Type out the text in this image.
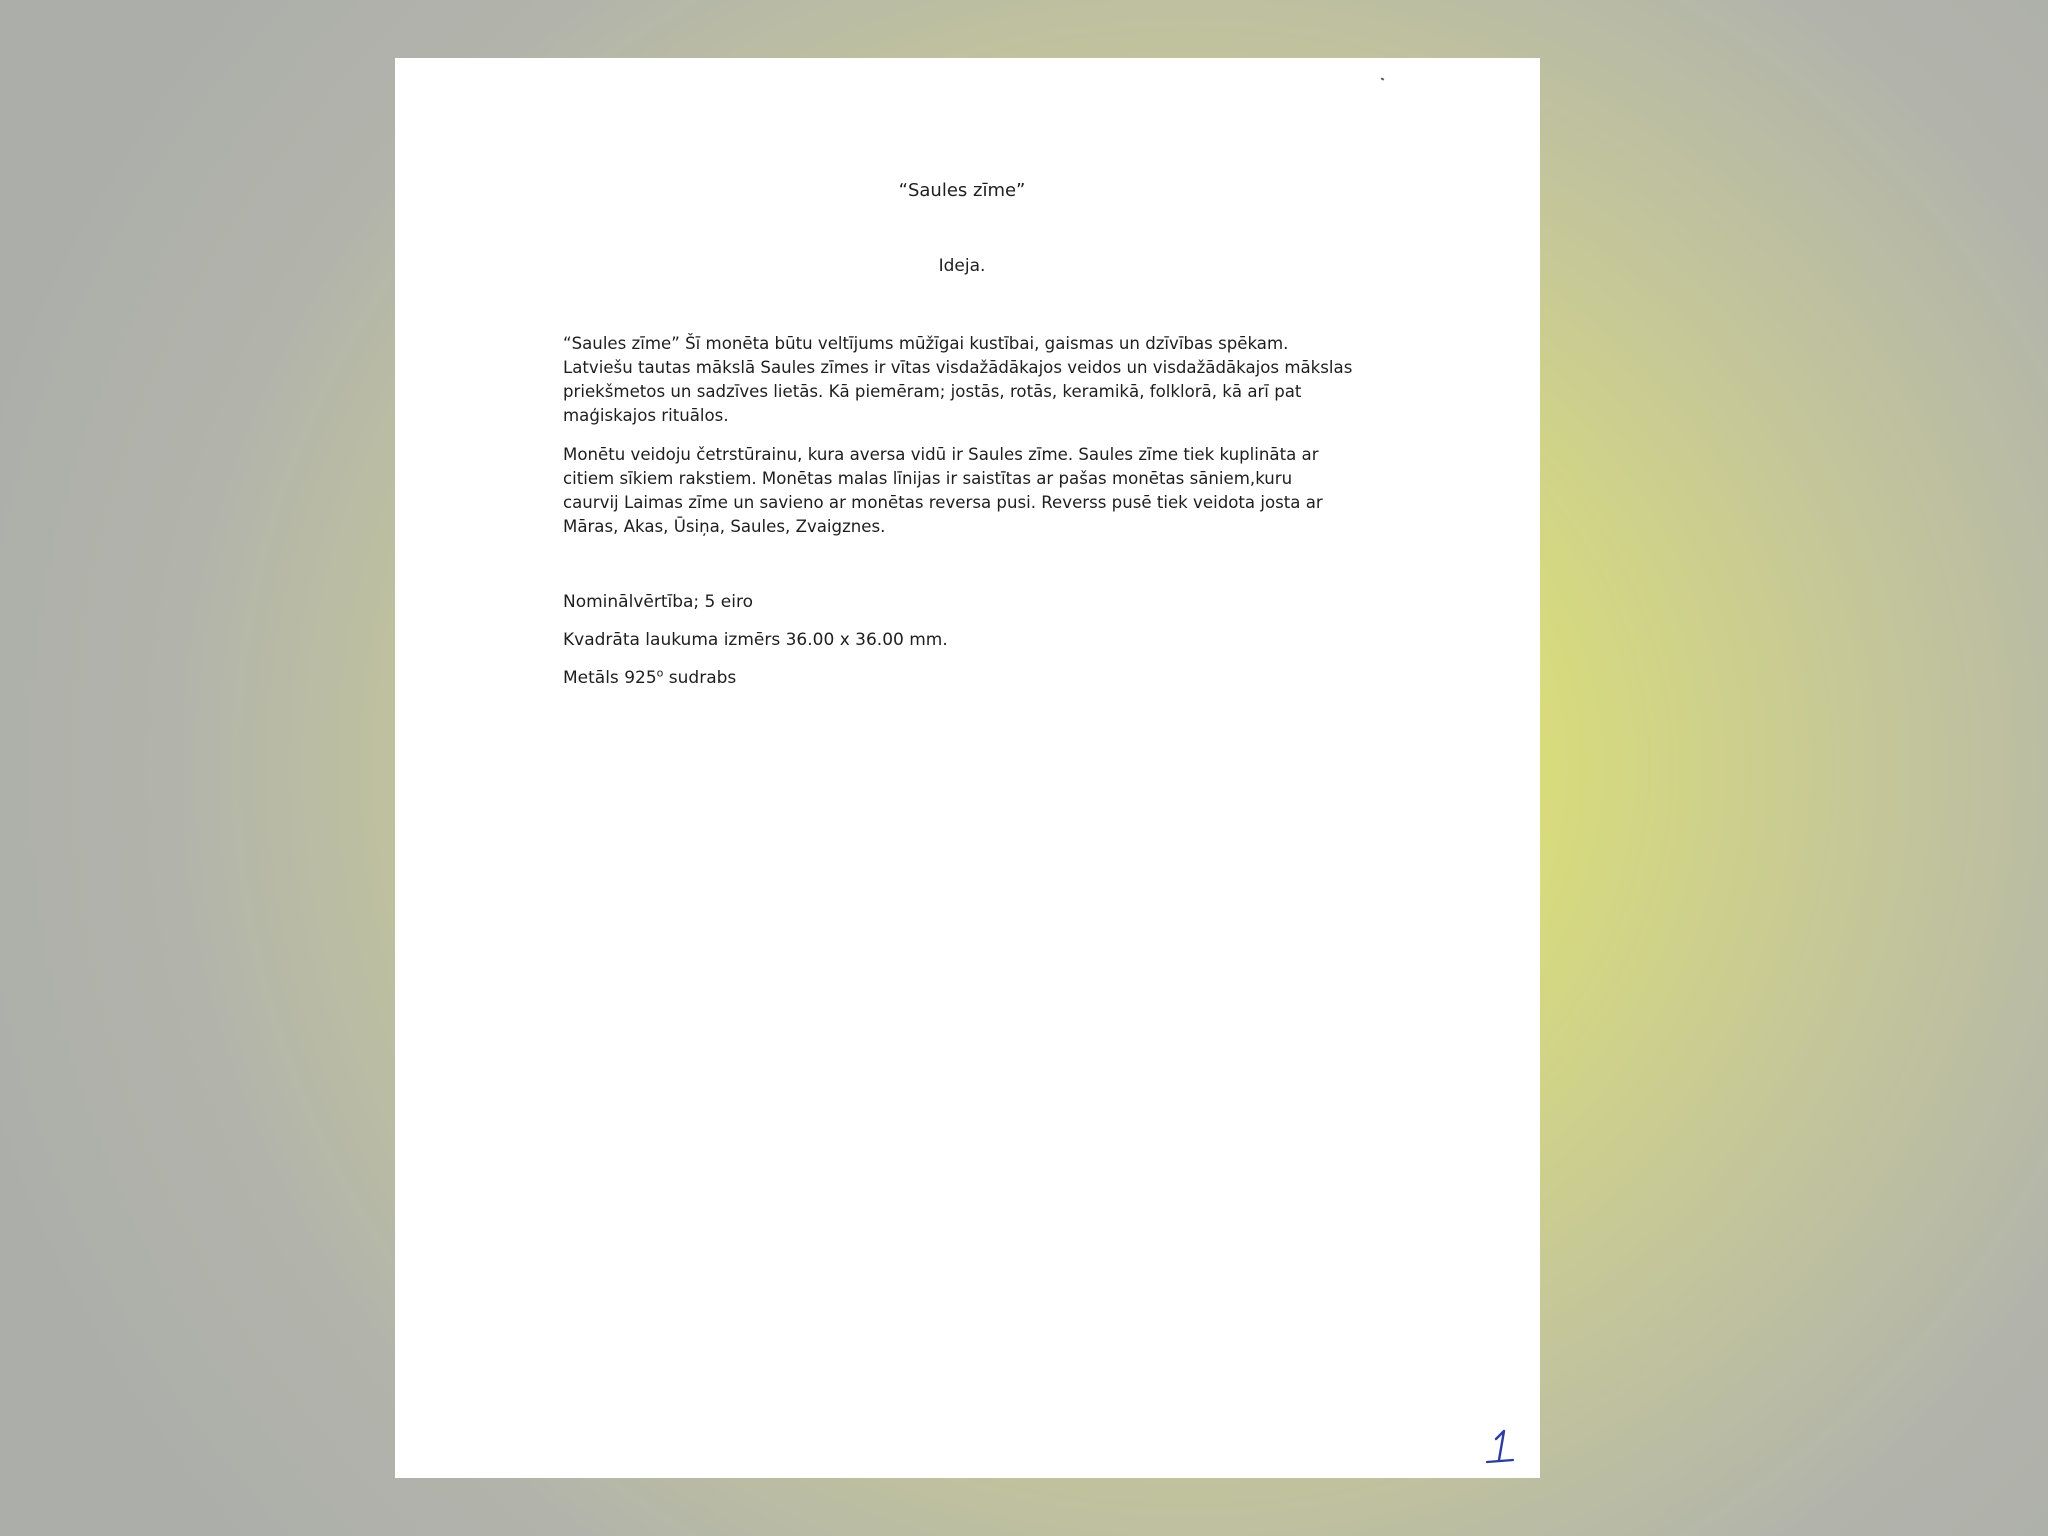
“Saules zīme”

Ideja.

“Saules zīme” Šī monēta būtu veltījums mūžīgai kustībai, gaismas un dzīvības spēkam.
Latviešu tautas mākslā Saules zīmes ir vītas visdažādākajos veidos un visdažādākajos mākslas
priekšmetos un sadzīves lietās. Kā piemēram; jostās, rotās, keramikā, folklorā, kā arī pat
maģiskajos rituālos.

Monētu veidoju četrstūrainu, kura aversa vidū ir Saules zīme. Saules zīme tiek kuplināta ar
citiem sīkiem rakstiem. Monētas malas līnijas ir saistītas ar pašas monētas sāniem,kuru
caurvij Laimas zīme un savieno ar monētas reversa pusi. Reverss pusē tiek veidota josta ar
Māras, Akas, Ūsiņa, Saules, Zvaigznes.

Nominālvērtība; 5 eiro

Kvadrāta laukuma izmērs 36.00 x 36.00 mm.

Metāls 925$^o$ sudrabs
